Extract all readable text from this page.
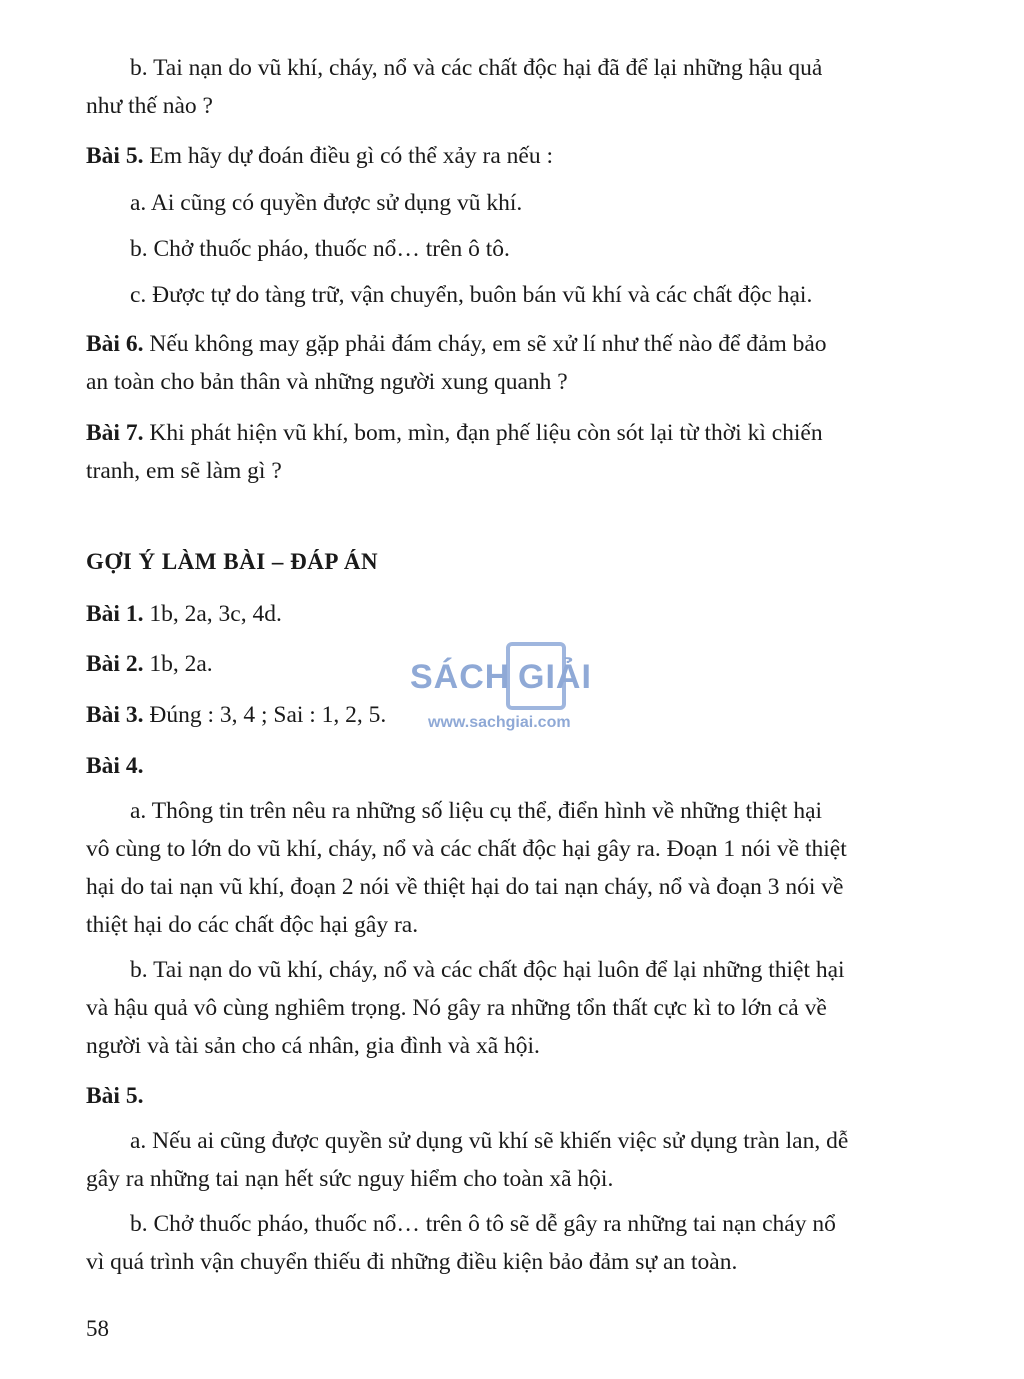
b. Tai nạn do vũ khí, cháy, nổ và các chất độc hại đã để lại những hậu quả
như thế nào ?
Bài 5. Em hãy dự đoán điều gì có thể xảy ra nếu :
a. Ai cũng có quyền được sử dụng vũ khí.
b. Chở thuốc pháo, thuốc nổ… trên ô tô.
c. Được tự do tàng trữ, vận chuyển, buôn bán vũ khí và các chất độc hại.
Bài 6. Nếu không may gặp phải đám cháy, em sẽ xử lí như thế nào để đảm bảo
an toàn cho bản thân và những người xung quanh ?
Bài 7. Khi phát hiện vũ khí, bom, mìn, đạn phế liệu còn sót lại từ thời kì chiến
tranh, em sẽ làm gì ?
GỢI Ý LÀM BÀI – ĐÁP ÁN
Bài 1. 1b, 2a, 3c, 4d.
Bài 2. 1b, 2a.
Bài 3. Đúng : 3, 4 ; Sai : 1, 2, 5.
SÁCH GIẢI
www.sachgiai.com
Bài 4.
a. Thông tin trên nêu ra những số liệu cụ thể, điển hình về những thiệt hại
vô cùng to lớn do vũ khí, cháy, nổ và các chất độc hại gây ra. Đoạn 1 nói về thiệt
hại do tai nạn vũ khí, đoạn 2 nói về thiệt hại do tai nạn cháy, nổ và đoạn 3 nói về
thiệt hại do các chất độc hại gây ra.
b. Tai nạn do vũ khí, cháy, nổ và các chất độc hại luôn để lại những thiệt hại
và hậu quả vô cùng nghiêm trọng. Nó gây ra những tổn thất cực kì to lớn cả về
người và tài sản cho cá nhân, gia đình và xã hội.
Bài 5.
a. Nếu ai cũng được quyền sử dụng vũ khí sẽ khiến việc sử dụng tràn lan, dễ
gây ra những tai nạn hết sức nguy hiểm cho toàn xã hội.
b. Chở thuốc pháo, thuốc nổ… trên ô tô sẽ dễ gây ra những tai nạn cháy nổ
vì quá trình vận chuyển thiếu đi những điều kiện bảo đảm sự an toàn.
58
